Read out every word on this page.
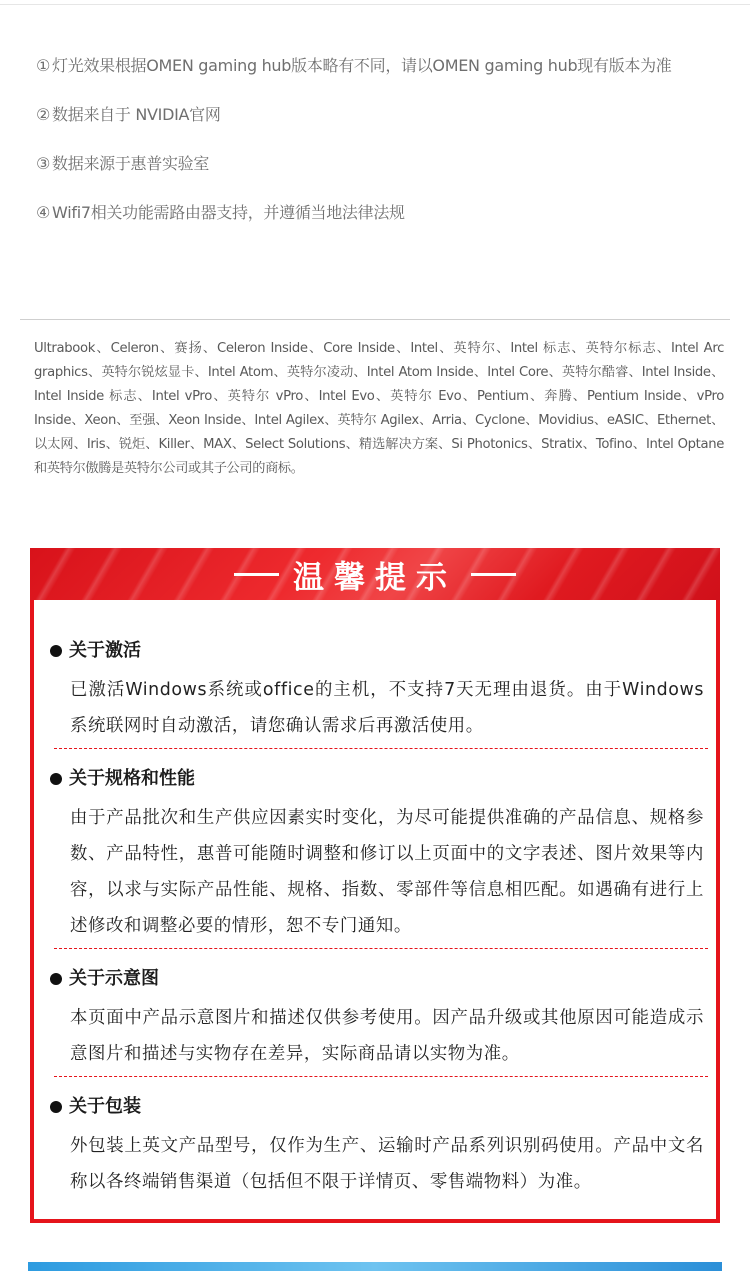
① 灯光效果根据OMEN gaming hub版本略有不同，请以OMEN gaming hub现有版本为准
② 数据来自于 NVIDIA官网
③ 数据来源于惠普实验室
④ Wifi7相关功能需路由器支持，并遵循当地法律法规

Ultrabook、Celeron、赛扬、Celeron Inside、Core Inside、Intel、英特尔、Intel 标志、英特尔标志、Intel Arc graphics、英特尔锐炫显卡、Intel Atom、英特尔凌动、Intel Atom Inside、Intel Core、英特尔酷睿、Intel Inside、Intel Inside 标志、Intel vPro、英特尔 vPro、Intel Evo、英特尔 Evo、Pentium、奔腾、Pentium Inside、vPro Inside、Xeon、至强、Xeon Inside、Intel Agilex、英特尔 Agilex、Arria、Cyclone、Movidius、eASIC、Ethernet、以太网、Iris、锐炬、Killer、MAX、Select Solutions、精选解决方案、Si Photonics、Stratix、Tofino、Intel Optane 和英特尔傲腾是英特尔公司或其子公司的商标。

温馨提示
关于激活

已激活Windows系统或office的主机，不支持7天无理由退货。由于Windows系统联网时自动激活，请您确认需求后再激活使用。

关于规格和性能

由于产品批次和生产供应因素实时变化，为尽可能提供准确的产品信息、规格参数、产品特性，惠普可能随时调整和修订以上页面中的文字表述、图片效果等内容，以求与实际产品性能、规格、指数、零部件等信息相匹配。如遇确有进行上述修改和调整必要的情形，恕不专门通知。

关于示意图

本页面中产品示意图片和描述仅供参考使用。因产品升级或其他原因可能造成示意图片和描述与实物存在差异，实际商品请以实物为准。

关于包装

外包装上英文产品型号，仅作为生产、运输时产品系列识别码使用。产品中文名称以各终端销售渠道（包括但不限于详情页、零售端物料）为准。
